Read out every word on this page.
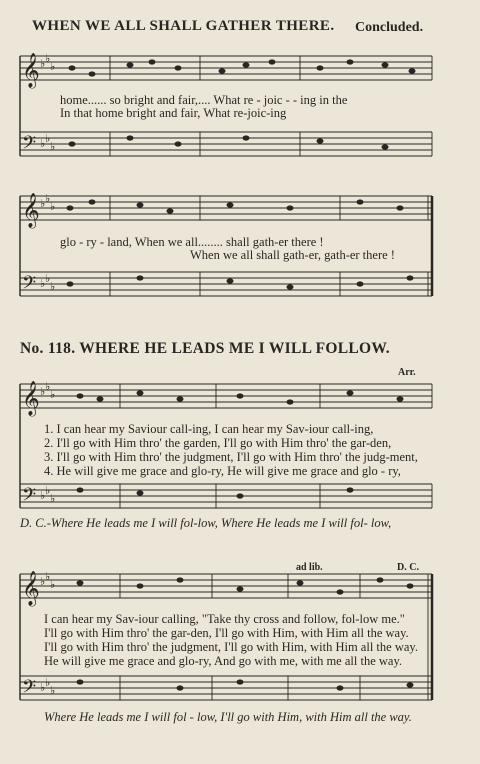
𝄞
𝄢
𝄞
𝄢
𝄞
𝄢
𝄞
𝄢
♭ ♭
♭
♭ ♭
♭
♭ ♭
♭
♭ ♭
♭
♭ ♭
♭
♭ ♭
♭
♭ ♭
♭
♭ ♭
♭
WHEN WE ALL SHALL GATHER THERE. Concluded.
home...... so bright and fair,.... What re - joic - - ing in the
In that home bright and fair, What re-joic-ing
glo - ry - land, When we all........ shall gath-er there !
When we all shall gath-er, gath-er there !
No. 118. WHERE HE LEADS ME I WILL FOLLOW.
Arr.
1. I can hear my Saviour call-ing, I can hear my Sav-iour call-ing,
2. I'll go with Him thro' the garden, I'll go with Him thro' the gar-den,
3. I'll go with Him thro' the judgment, I'll go with Him thro' the judg-ment,
4. He will give me grace and glo-ry, He will give me grace and glo - ry,
D. C.-Where He leads me I will fol-low, Where He leads me I will fol- low,
ad lib.	D. C.
I can hear my Sav-iour calling, "Take thy cross and follow, fol-low me."
I'll go with Him thro' the gar-den, I'll go with Him, with Him all the way.
I'll go with Him thro' the judgment, I'll go with Him, with Him all the way.
He will give me grace and glo-ry, And go with me, with me all the way.
Where He leads me I will fol - low, I'll go with Him, with Him all the way.
